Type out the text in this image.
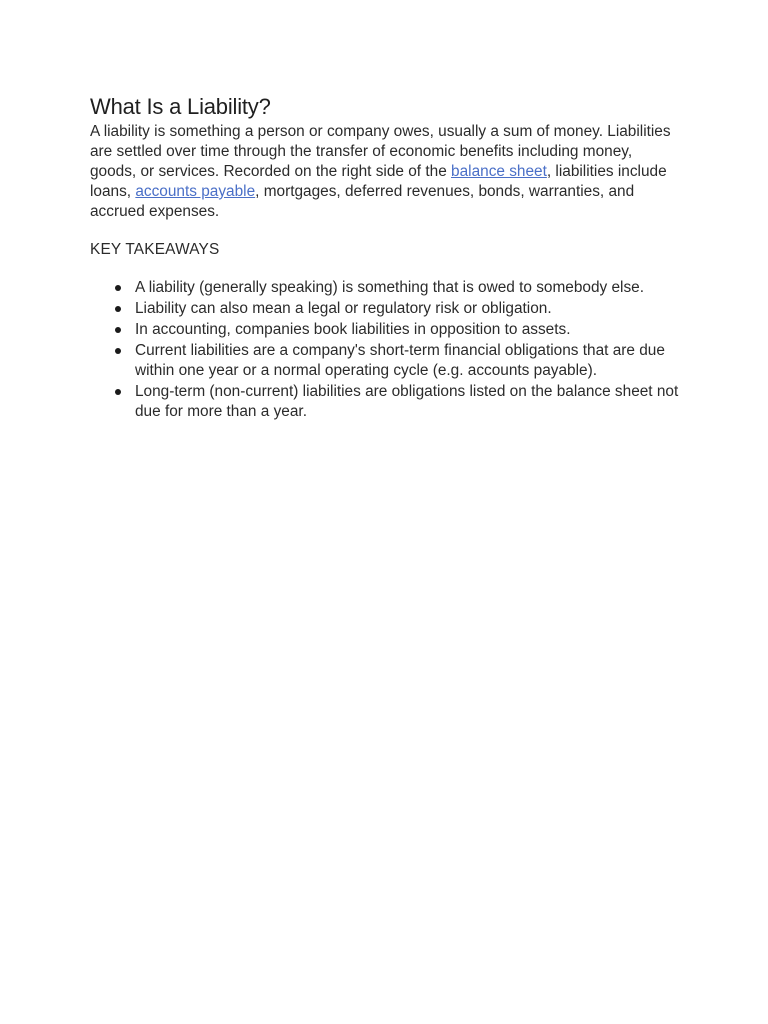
What Is a Liability?

A liability is something a person or company owes, usually a sum of money. Liabilities are settled over time through the transfer of economic benefits including money, goods, or services. Recorded on the right side of the balance sheet, liabilities include loans, accounts payable, mortgages, deferred revenues, bonds, warranties, and accrued expenses.

KEY TAKEAWAYS

A liability (generally speaking) is something that is owed to somebody else.
Liability can also mean a legal or regulatory risk or obligation.
In accounting, companies book liabilities in opposition to assets.
Current liabilities are a company's short-term financial obligations that are due within one year or a normal operating cycle (e.g. accounts payable).
Long-term (non-current) liabilities are obligations listed on the balance sheet not due for more than a year.
